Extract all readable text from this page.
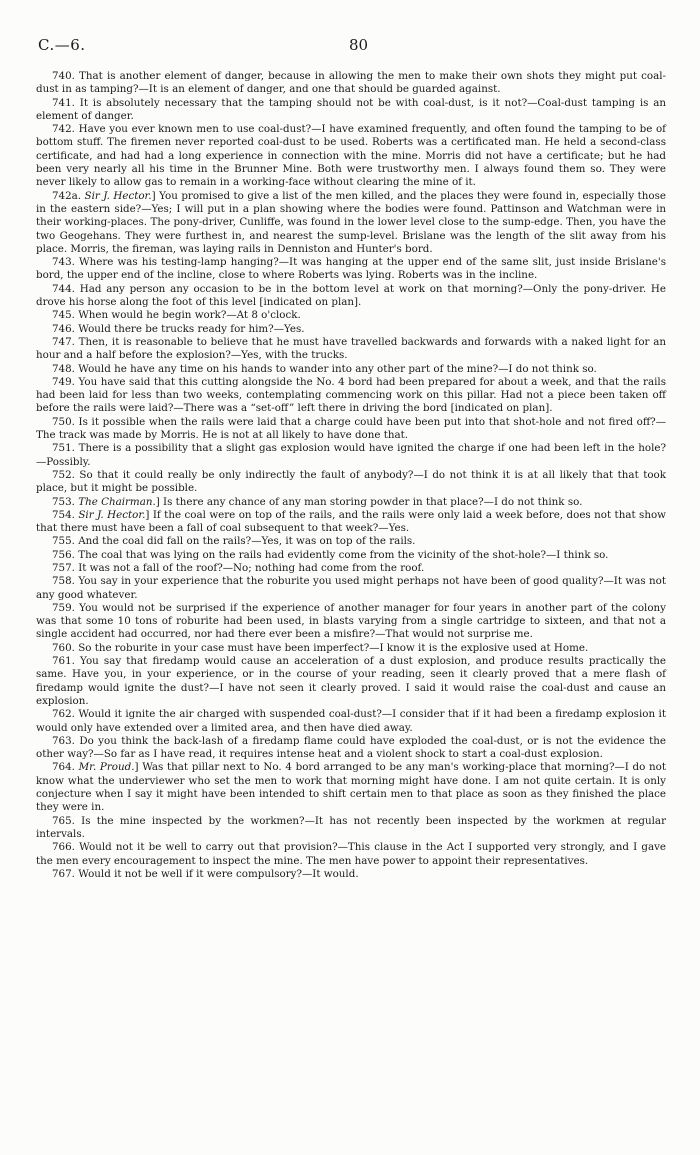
C.—6.	80

740. That is another element of danger, because in allowing the men to make their own shots they might put coal-dust in as tamping?—It is an element of danger, and one that should be guarded against.

741. It is absolutely necessary that the tamping should not be with coal-dust, is it not?—Coal-dust tamping is an element of danger.

742. Have you ever known men to use coal-dust?—I have examined frequently, and often found the tamping to be of bottom stuff. The firemen never reported coal-dust to be used. Roberts was a certificated man. He held a second-class certificate, and had had a long experience in connection with the mine. Morris did not have a certificate; but he had been very nearly all his time in the Brunner Mine. Both were trustworthy men. I always found them so. They were never likely to allow gas to remain in a working-face without clearing the mine of it.

742a. Sir J. Hector.] You promised to give a list of the men killed, and the places they were found in, especially those in the eastern side?—Yes; I will put in a plan showing where the bodies were found. Pattinson and Watchman were in their working-places. The pony-driver, Cunliffe, was found in the lower level close to the sump-edge. Then, you have the two Geogehans. They were furthest in, and nearest the sump-level. Brislane was the length of the slit away from his place. Morris, the fireman, was laying rails in Denniston and Hunter's bord.

743. Where was his testing-lamp hanging?—It was hanging at the upper end of the same slit, just inside Brislane's bord, the upper end of the incline, close to where Roberts was lying. Roberts was in the incline.

744. Had any person any occasion to be in the bottom level at work on that morning?—Only the pony-driver. He drove his horse along the foot of this level [indicated on plan].

745. When would he begin work?—At 8 o'clock.

746. Would there be trucks ready for him?—Yes.

747. Then, it is reasonable to believe that he must have travelled backwards and forwards with a naked light for an hour and a half before the explosion?—Yes, with the trucks.

748. Would he have any time on his hands to wander into any other part of the mine?—I do not think so.

749. You have said that this cutting alongside the No. 4 bord had been prepared for about a week, and that the rails had been laid for less than two weeks, contemplating commencing work on this pillar. Had not a piece been taken off before the rails were laid?—There was a “set-off” left there in driving the bord [indicated on plan].

750. Is it possible when the rails were laid that a charge could have been put into that shot-hole and not fired off?—The track was made by Morris. He is not at all likely to have done that.

751. There is a possibility that a slight gas explosion would have ignited the charge if one had been left in the hole?—Possibly.

752. So that it could really be only indirectly the fault of anybody?—I do not think it is at all likely that that took place, but it might be possible.

753. The Chairman.] Is there any chance of any man storing powder in that place?—I do not think so.

754. Sir J. Hector.] If the coal were on top of the rails, and the rails were only laid a week before, does not that show that there must have been a fall of coal subsequent to that week?—Yes.

755. And the coal did fall on the rails?—Yes, it was on top of the rails.

756. The coal that was lying on the rails had evidently come from the vicinity of the shot-hole?—I think so.

757. It was not a fall of the roof?—No; nothing had come from the roof.

758. You say in your experience that the roburite you used might perhaps not have been of good quality?—It was not any good whatever.

759. You would not be surprised if the experience of another manager for four years in another part of the colony was that some 10 tons of roburite had been used, in blasts varying from a single cartridge to sixteen, and that not a single accident had occurred, nor had there ever been a misfire?—That would not surprise me.

760. So the roburite in your case must have been imperfect?—I know it is the explosive used at Home.

761. You say that firedamp would cause an acceleration of a dust explosion, and produce results practically the same. Have you, in your experience, or in the course of your reading, seen it clearly proved that a mere flash of firedamp would ignite the dust?—I have not seen it clearly proved. I said it would raise the coal-dust and cause an explosion.

762. Would it ignite the air charged with suspended coal-dust?—I consider that if it had been a firedamp explosion it would only have extended over a limited area, and then have died away.

763. Do you think the back-lash of a firedamp flame could have exploded the coal-dust, or is not the evidence the other way?—So far as I have read, it requires intense heat and a violent shock to start a coal-dust explosion.

764. Mr. Proud.] Was that pillar next to No. 4 bord arranged to be any man's working-place that morning?—I do not know what the underviewer who set the men to work that morning might have done. I am not quite certain. It is only conjecture when I say it might have been intended to shift certain men to that place as soon as they finished the place they were in.

765. Is the mine inspected by the workmen?—It has not recently been inspected by the workmen at regular intervals.

766. Would not it be well to carry out that provision?—This clause in the Act I supported very strongly, and I gave the men every encouragement to inspect the mine. The men have power to appoint their representatives.

767. Would it not be well if it were compulsory?—It would.
